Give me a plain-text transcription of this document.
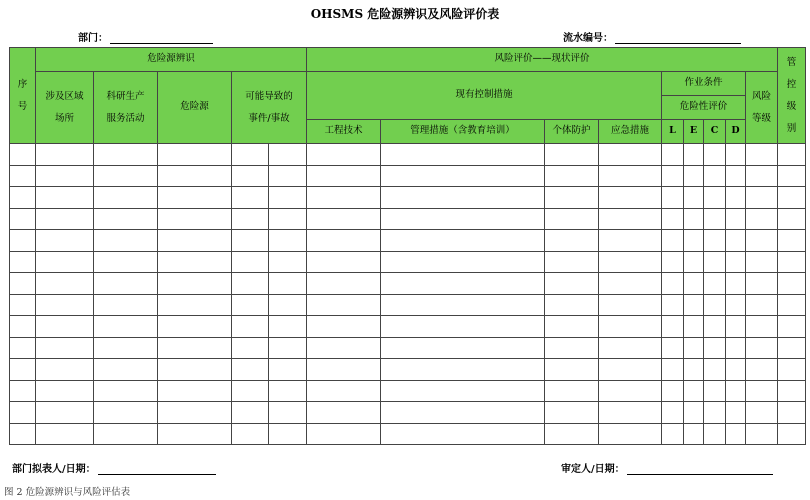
OHSMS 危险源辨识及风险评价表
部门：	流水编号：
序号	危险源辨识					风险评价——现状评价									管控级别

	涉及区域场所	科研生产服务活动	危险源	可能导致的事件/事故		现有控制措施				作业条件				风险等级	

										危险性评价					
						工程技术	管理措施（含教育培训）	个体防护	应急措施	L	E	C	D		

部门拟表人/日期：	审定人/日期：
图 2 危险源辨识与风险评估表
